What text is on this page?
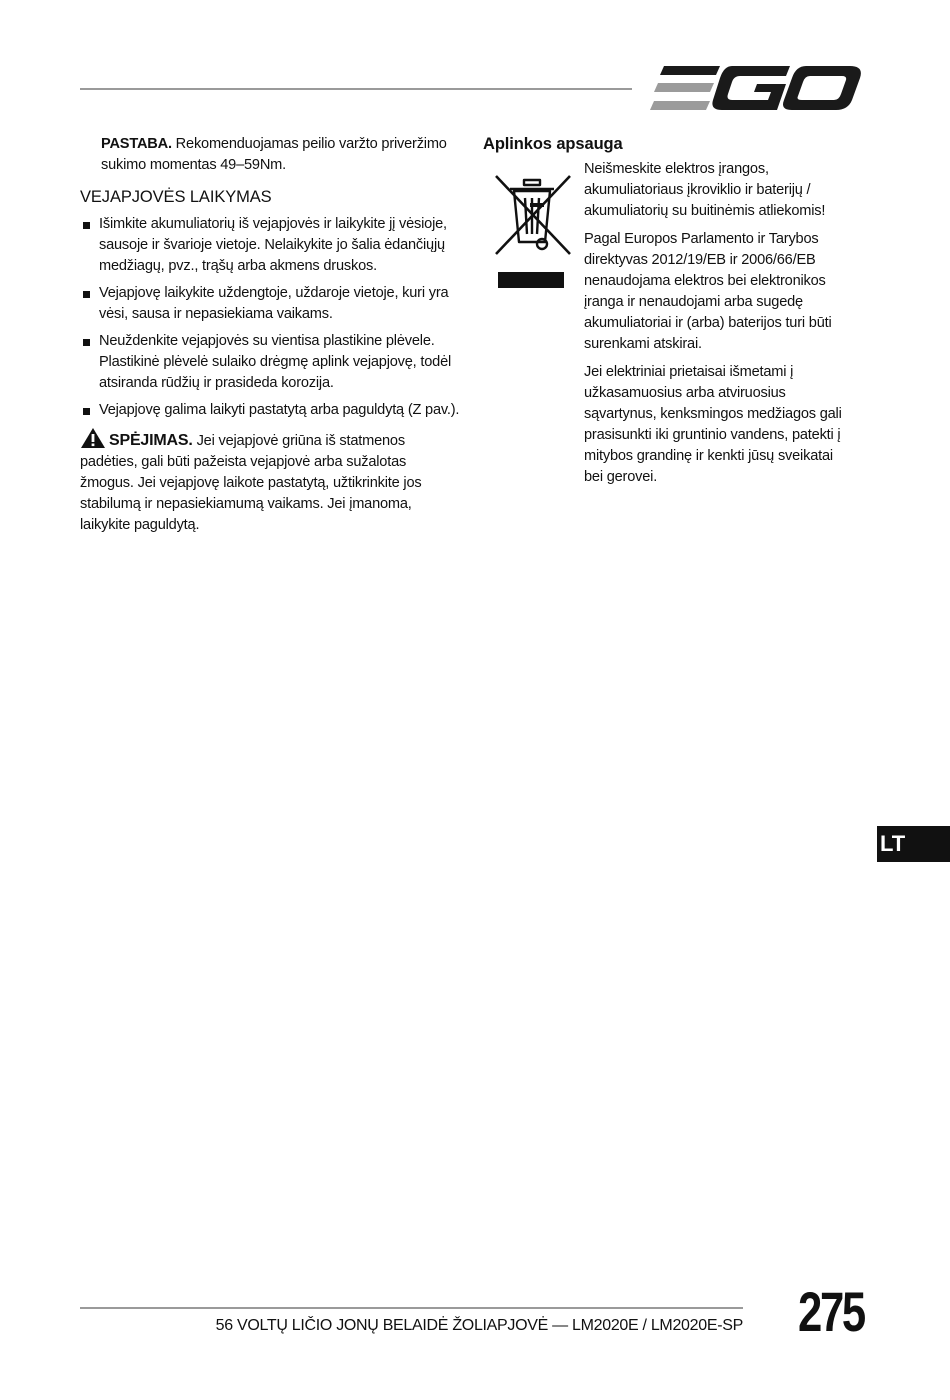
PASTABA. Rekomenduojamas peilio varžto priveržimo sukimo momentas 49–59Nm.
VEJAPJOVĖS LAIKYMAS
Išimkite akumuliatorių iš vejapjovės ir laikykite jį vėsioje, sausoje ir švarioje vietoje. Nelaikykite jo šalia ėdančiųjų medžiagų, pvz., trąšų arba akmens druskos.
Vejapjovę laikykite uždengtoje, uždaroje vietoje, kuri yra vėsi, sausa ir nepasiekiama vaikams.
Neuždenkite vejapjovės su vientisa plastikine plėvele. Plastikinė plėvelė sulaiko drėgmę aplink vejapjovę, todėl atsiranda rūdžių ir prasideda korozija.
Vejapjovę galima laikyti pastatytą arba paguldytą (Z pav.).
SPĖJIMAS. Jei vejapjovė griūna iš statmenos padėties, gali būti pažeista vejapjovė arba sužalotas žmogus. Jei vejapjovę laikote pastatytą, užtikrinkite jos stabilumą ir nepasiekiamumą vaikams. Jei įmanoma, laikykite paguldytą.
Aplinkos apsauga

Neišmeskite elektros įrangos, akumuliatoriaus įkroviklio ir baterijų / akumuliatorių su buitinėmis atliekomis!

Pagal Europos Parlamento ir Tarybos direktyvas 2012/19/EB ir 2006/66/EB nenaudojama elektros bei elektronikos įranga ir nenaudojami arba sugedę akumuliatoriai ir (arba) baterijos turi būti surenkami atskirai.

Jei elektriniai prietaisai išmetami į užkasamuosius arba atviruosius sąvartynus, kenksmingos medžiagos gali prasisunkti iki gruntinio vandens, patekti į mitybos grandinę ir kenkti jūsų sveikatai bei gerovei.

LT
56 VOLTŲ LIČIO JONŲ BELAIDĖ ŽOLIAPJOVĖ — LM2020E / LM2020E-SP 275
